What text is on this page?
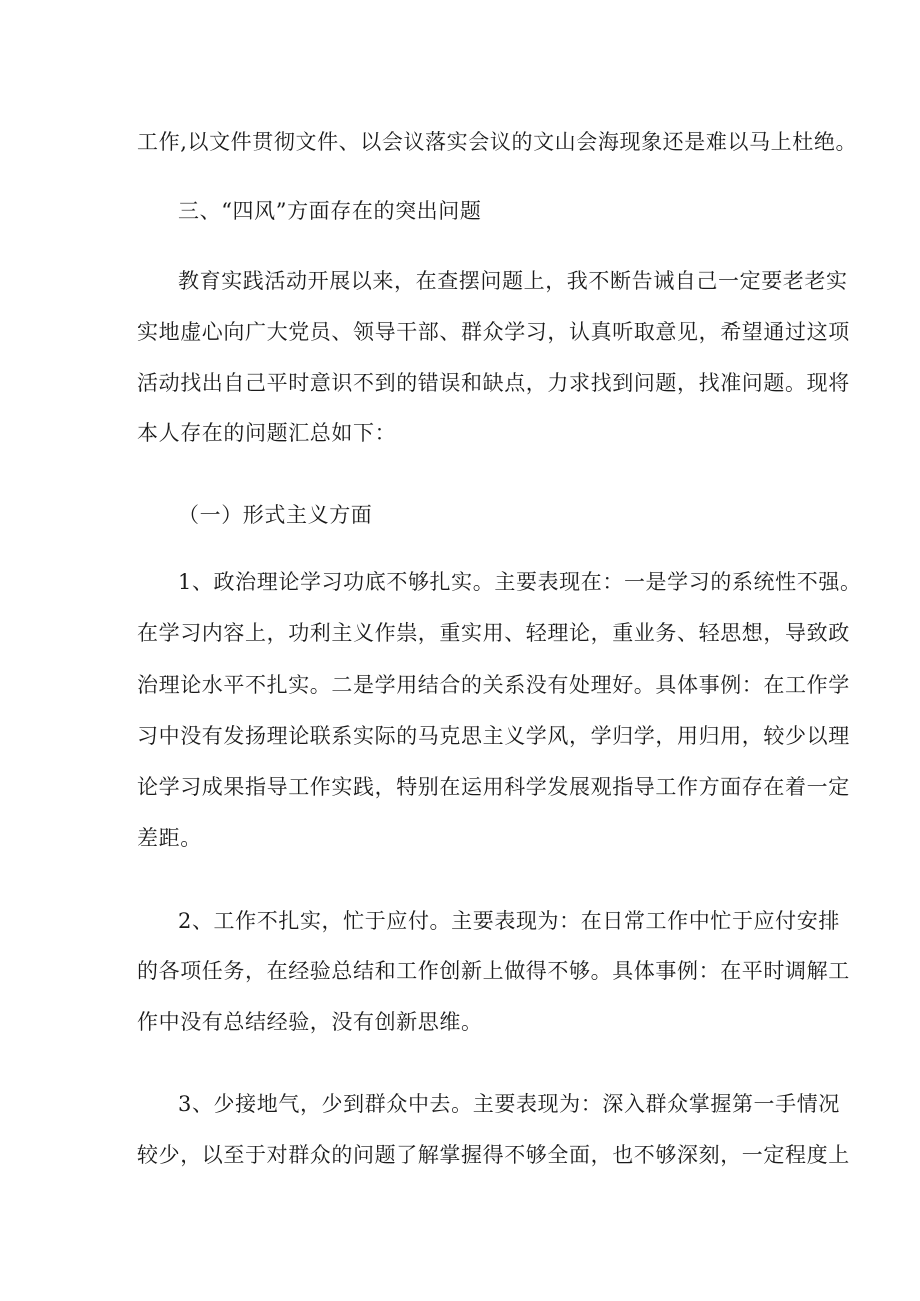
工作,以文件贯彻文件、以会议落实会议的文山会海现象还是难以马上杜绝。
三、“四风”方面存在的突出问题
教育实践活动开展以来，在查摆问题上，我不断告诫自己一定要老老实
实地虚心向广大党员、领导干部、群众学习，认真听取意见，希望通过这项
活动找出自己平时意识不到的错误和缺点，力求找到问题，找准问题。现将
本人存在的问题汇总如下：
（一）形式主义方面
1、政治理论学习功底不够扎实。主要表现在：一是学习的系统性不强。
在学习内容上，功利主义作祟，重实用、轻理论，重业务、轻思想，导致政
治理论水平不扎实。二是学用结合的关系没有处理好。具体事例：在工作学
习中没有发扬理论联系实际的马克思主义学风，学归学，用归用，较少以理
论学习成果指导工作实践，特别在运用科学发展观指导工作方面存在着一定
差距。
2、工作不扎实，忙于应付。主要表现为：在日常工作中忙于应付安排
的各项任务，在经验总结和工作创新上做得不够。具体事例：在平时调解工
作中没有总结经验，没有创新思维。
3、少接地气，少到群众中去。主要表现为：深入群众掌握第一手情况
较少，以至于对群众的问题了解掌握得不够全面，也不够深刻，一定程度上
